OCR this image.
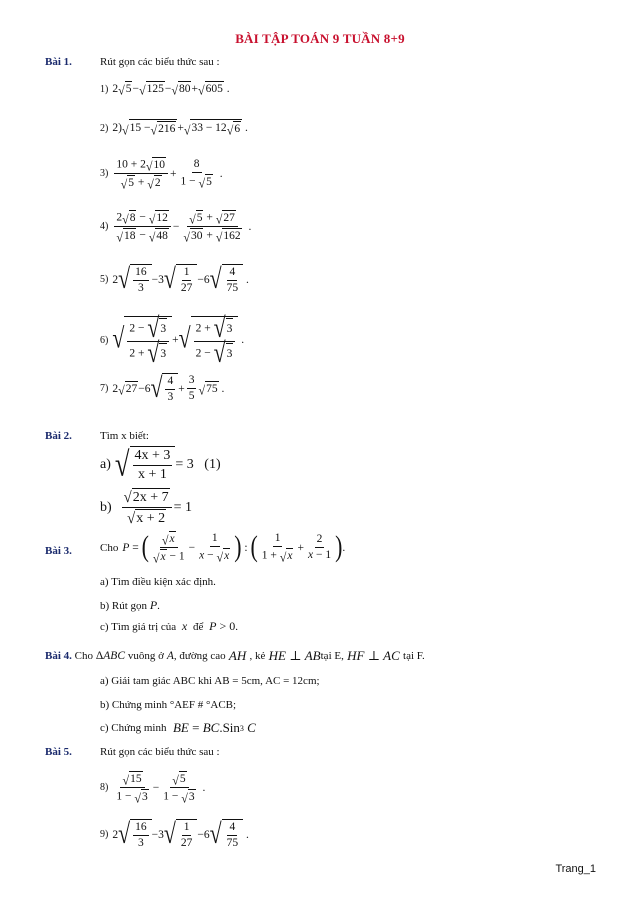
BÀI TẬP TOÁN 9 TUẦN 8+9
Bài 1.	Rút gọn các biểu thức sau :
1)
2 √ 5 − √ 125 − √ 80 + √ 605 .
2)
2) √ 15 − √ 216 + √ 33 − 12 √ 6 .
3)
$\frac{10 + 2 √ 10}{√ 5 + √ 2} + \frac{8}{1 - √ 5}$ .
4)
$\frac{2 √ 8 - √ 12}{√ 18 - √ 48} - \frac{√ 5 + √ 27}{√ 30 + √ 162}$ .
5)
2 √ $\frac{16}{3} -3$ √ $\frac{1}{27} -6$ √ $\frac{4}{75}$ .
6)
√ $\frac{2 - √ 3}{2 + √ 3}$ + √ $\frac{2 + √ 3}{2 - √ 3}$ .
7)
2 √ 27 −6 √ $\frac{4}{3} + \frac{3}{5}$ √ 75 .
Bài 2.	Tìm x biết:
a)
√ $\frac{4x + 3}{x + 1} = 3$   (1)
b)
$\frac{√ 2x + 7}{√ x + 2} = 1$
Bài 3.	Cho
P = ( $\frac{√ x}{√ x - 1} - \frac{1}{x - √ x}$ ) : ( $\frac{1}{1 + √ x} + \frac{2}{x - 1}$ ) .
a) Tìm điều kiện xác định.
b) Rút gọn P.
c) Tìm giá trị của  x  để  P > 0.
Bài 4.
Cho Δ ABC
vuông ở A , đường cao AH , kẻ
HE ⊥ AB tại E,
HF ⊥ AC
tại F.
a) Giải tam giác ABC khi AB = 5cm, AC = 12cm;
b) Chứng minh °AEF # °ACB;
c) Chứng minh
BE = BC .Sin 3
C
Bài 5.	Rút gọn các biểu thức sau :
8)
$\frac{√ 15}{1 - √ 3} - \frac{√ 5}{1 - √ 3}$ .
9)
2 √ $\frac{16}{3} -3$ √ $\frac{1}{27} -6$ √ $\frac{4}{75}$ .
Trang_1
